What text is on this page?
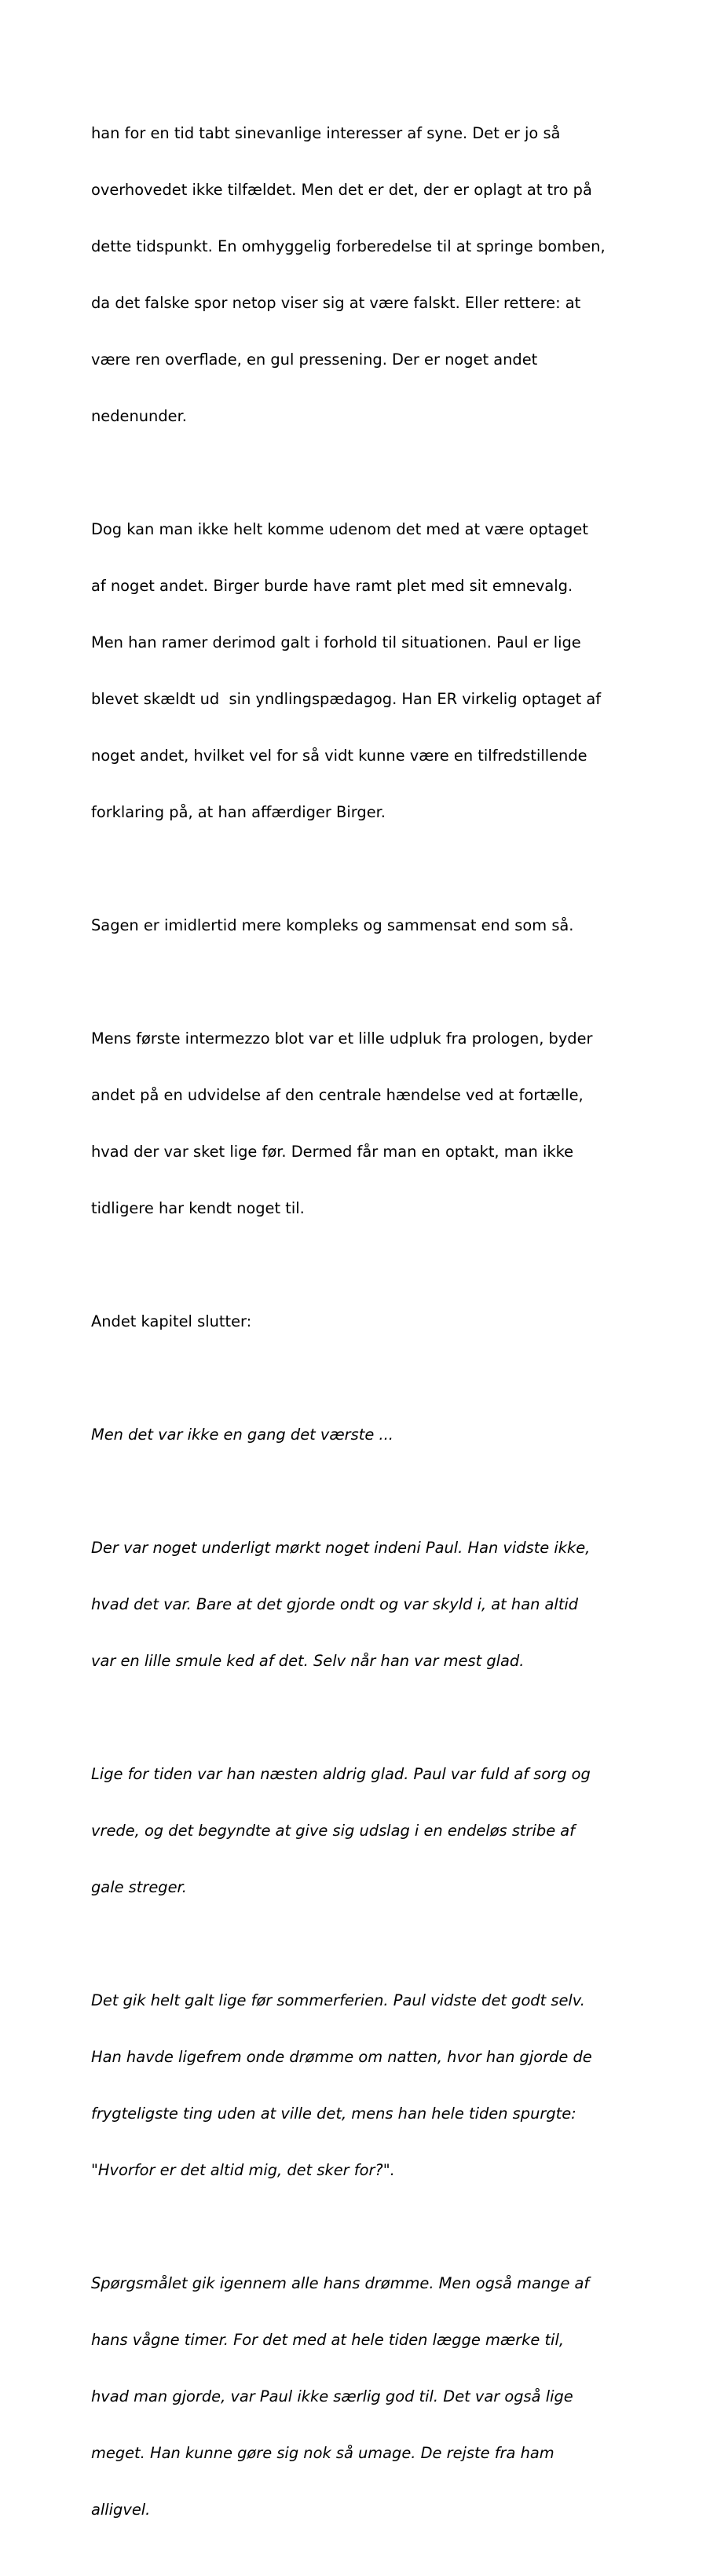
han for en tid tabt sinevanlige interesser af syne. Det er jo så

overhovedet ikke tilfældet. Men det er det, der er oplagt at tro på

dette tidspunkt. En omhyggelig forberedelse til at springe bomben,

da det falske spor netop viser sig at være falskt. Eller rettere: at

være ren overflade, en gul pressening. Der er noget andet

nedenunder.

Dog kan man ikke helt komme udenom det med at være optaget

af noget andet. Birger burde have ramt plet med sit emnevalg.

Men han ramer derimod galt i forhold til situationen. Paul er lige

blevet skældt ud  sin yndlingspædagog. Han ER virkelig optaget af

noget andet, hvilket vel for så vidt kunne være en tilfredstillende

forklaring på, at han affærdiger Birger.

Sagen er imidlertid mere kompleks og sammensat end som så.

Mens første intermezzo blot var et lille udpluk fra prologen, byder

andet på en udvidelse af den centrale hændelse ved at fortælle,

hvad der var sket lige før. Dermed får man en optakt, man ikke

tidligere har kendt noget til.

Andet kapitel slutter:

Men det var ikke en gang det værste ...

Der var noget underligt mørkt noget indeni Paul. Han vidste ikke,

hvad det var. Bare at det gjorde ondt og var skyld i, at han altid

var en lille smule ked af det. Selv når han var mest glad.

Lige for tiden var han næsten aldrig glad. Paul var fuld af sorg og

vrede, og det begyndte at give sig udslag i en endeløs stribe af

gale streger.

Det gik helt galt lige før sommerferien. Paul vidste det godt selv.

Han havde ligefrem onde drømme om natten, hvor han gjorde de

frygteligste ting uden at ville det, mens han hele tiden spurgte:

"Hvorfor er det altid mig, det sker for?".

Spørgsmålet gik igennem alle hans drømme. Men også mange af

hans vågne timer. For det med at hele tiden lægge mærke til,

hvad man gjorde, var Paul ikke særlig god til. Det var også lige

meget. Han kunne gøre sig nok så umage. De rejste fra ham

alligvel.
